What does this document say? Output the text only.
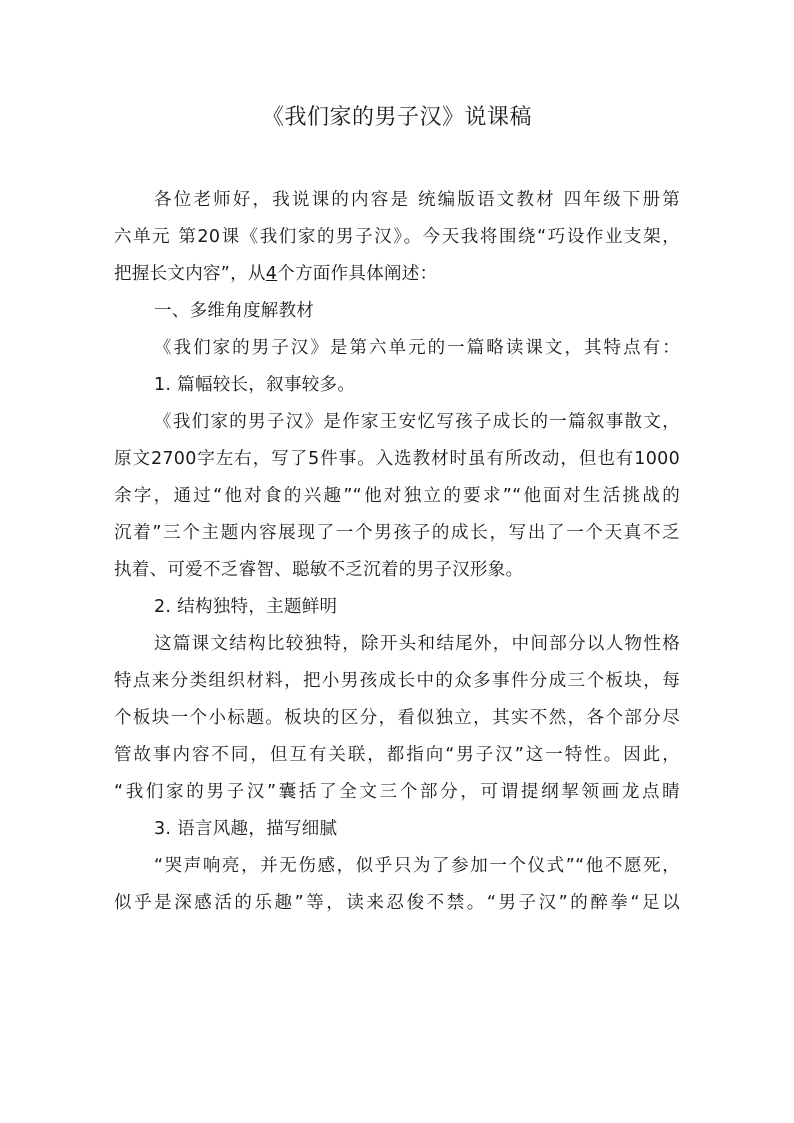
《我们家的男子汉》说课稿
各位老师好，我说课的内容是 统编版语文教材 四年级下册第
六单元 第20课《我们家的男子汉》。今天我将围绕“巧设作业支架，
把握长文内容”，从4个方面作具体阐述：
一、多维角度解教材
《我们家的男子汉》是第六单元的一篇略读课文，其特点有：
1. 篇幅较长，叙事较多。
《我们家的男子汉》是作家王安忆写孩子成长的一篇叙事散文，
原文2700字左右，写了5件事。入选教材时虽有所改动，但也有1000
余字，通过“他对食的兴趣”“他对独立的要求”“他面对生活挑战的
沉着”三个主题内容展现了一个男孩子的成长，写出了一个天真不乏
执着、可爱不乏睿智、聪敏不乏沉着的男子汉形象。
2. 结构独特，主题鲜明
这篇课文结构比较独特，除开头和结尾外，中间部分以人物性格
特点来分类组织材料，把小男孩成长中的众多事件分成三个板块，每
个板块一个小标题。板块的区分，看似独立，其实不然，各个部分尽
管故事内容不同，但互有关联，都指向“男子汉”这一特性。因此，
“我们家的男子汉”囊括了全文三个部分，可谓提纲挈领画龙点睛
3. 语言风趣，描写细腻
“哭声响亮，并无伤感，似乎只为了参加一个仪式”“他不愿死，
似乎是深感活的乐趣”等，读来忍俊不禁。“男子汉”的醉拳“足以
